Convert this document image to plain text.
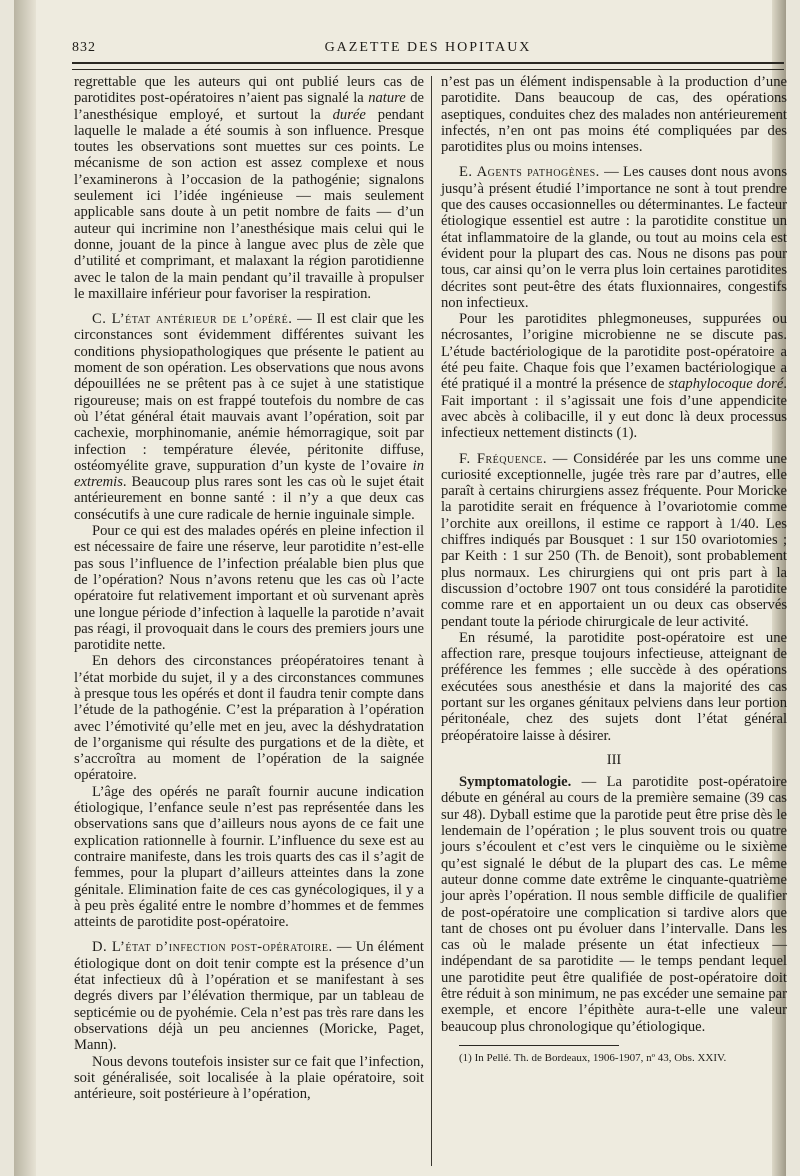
832	GAZETTE DES HOPITAUX

regrettable que les auteurs qui ont publié leurs cas de parotidites post-opératoires n’aient pas signalé la nature de l’anesthésique employé, et surtout la durée pendant laquelle le malade a été soumis à son influence. Presque toutes les observations sont muettes sur ces points. Le mécanisme de son action est assez complexe et nous l’examinerons à l’occasion de la pathogénie; signalons seulement ici l’idée ingénieuse — mais seulement applicable sans doute à un petit nombre de faits — d’un auteur qui incrimine non l’anesthésique mais celui qui le donne, jouant de la pince à langue avec plus de zèle que d’utilité et comprimant, et malaxant la région parotidienne avec le talon de la main pendant qu’il travaille à propulser le maxillaire inférieur pour favoriser la respiration.

C. L’état antérieur de l’opéré. — Il est clair que les circonstances sont évidemment différentes suivant les conditions physiopathologiques que présente le patient au moment de son opération. Les observations que nous avons dépouillées ne se prêtent pas à ce sujet à une statistique rigoureuse; mais on est frappé toutefois du nombre de cas où l’état général était mauvais avant l’opération, soit par cachexie, morphinomanie, anémie hémorragique, soit par infection : température élevée, péritonite diffuse, ostéomyélite grave, suppuration d’un kyste de l’ovaire in extremis. Beaucoup plus rares sont les cas où le sujet était antérieurement en bonne santé : il n’y a que deux cas consécutifs à une cure radicale de hernie inguinale simple.

Pour ce qui est des malades opérés en pleine infection il est nécessaire de faire une réserve, leur parotidite n’est-elle pas sous l’influence de l’infection préalable bien plus que de l’opération? Nous n’avons retenu que les cas où l’acte opératoire fut relativement important et où survenant après une longue période d’infection à laquelle la parotide n’avait pas réagi, il provoquait dans le cours des premiers jours une parotidite nette.

En dehors des circonstances préopératoires tenant à l’état morbide du sujet, il y a des circonstances communes à presque tous les opérés et dont il faudra tenir compte dans l’étude de la pathogénie. C’est la préparation à l’opération avec l’émotivité qu’elle met en jeu, avec la déshydratation de l’organisme qui résulte des purgations et de la diète, et s’accroîtra au moment de l’opération de la saignée opératoire.

L’âge des opérés ne paraît fournir aucune indication étiologique, l’enfance seule n’est pas représentée dans les observations sans que d’ailleurs nous ayons de ce fait une explication rationnelle à fournir. L’influence du sexe est au contraire manifeste, dans les trois quarts des cas il s’agit de femmes, pour la plupart d’ailleurs atteintes dans la zone génitale. Elimination faite de ces cas gynécologiques, il y a à peu près égalité entre le nombre d’hommes et de femmes atteints de parotidite post-opératoire.

D. L’état d’infection post-opératoire. — Un élément étiologique dont on doit tenir compte est la présence d’un état infectieux dû à l’opération et se manifestant à ses degrés divers par l’élévation thermique, par un tableau de septicémie ou de pyohémie. Cela n’est pas très rare dans les observations déjà un peu anciennes (Moricke, Paget, Mann).

Nous devons toutefois insister sur ce fait que l’infection, soit généralisée, soit localisée à la plaie opératoire, soit antérieure, soit postérieure à l’opération,

n’est pas un élément indispensable à la production d’une parotidite. Dans beaucoup de cas, des opérations aseptiques, conduites chez des malades non antérieurement infectés, n’en ont pas moins été compliquées par des parotidites plus ou moins intenses.

E. Agents pathogènes. — Les causes dont nous avons jusqu’à présent étudié l’importance ne sont à tout prendre que des causes occasionnelles ou déterminantes. Le facteur étiologique essentiel est autre : la parotidite constitue un état inflammatoire de la glande, ou tout au moins cela est évident pour la plupart des cas. Nous ne disons pas pour tous, car ainsi qu’on le verra plus loin certaines parotidites décrites sont peut-être des états fluxionnaires, congestifs non infectieux.

Pour les parotidites phlegmoneuses, suppurées ou nécrosantes, l’origine microbienne ne se discute pas. L’étude bactériologique de la parotidite post-opératoire a été peu faite. Chaque fois que l’examen bactériologique a été pratiqué il a montré la présence de staphylocoque doré. Fait important : il s’agissait une fois d’une appendicite avec abcès à colibacille, il y eut donc là deux processus infectieux nettement distincts (1).

F. Fréquence. — Considérée par les uns comme une curiosité exceptionnelle, jugée très rare par d’autres, elle paraît à certains chirurgiens assez fréquente. Pour Moricke la parotidite serait en fréquence à l’ovariotomie comme l’orchite aux oreillons, il estime ce rapport à 1/40. Les chiffres indiqués par Bousquet : 1 sur 150 ovariotomies ; par Keith : 1 sur 250 (Th. de Benoit), sont probablement plus normaux. Les chirurgiens qui ont pris part à la discussion d’octobre 1907 ont tous considéré la parotidite comme rare et en apportaient un ou deux cas observés pendant toute la période chirurgicale de leur activité.

En résumé, la parotidite post-opératoire est une affection rare, presque toujours infectieuse, atteignant de préférence les femmes ; elle succède à des opérations exécutées sous anesthésie et dans la majorité des cas portant sur les organes génitaux pelviens dans leur portion péritonéale, chez des sujets dont l’état général préopératoire laisse à désirer.

III

Symptomatologie. — La parotidite post-opératoire débute en général au cours de la première semaine (39 cas sur 48). Dyball estime que la parotide peut être prise dès le lendemain de l’opération ; le plus souvent trois ou quatre jours s’écoulent et c’est vers le cinquième ou le sixième qu’est signalé le début de la plupart des cas. Le même auteur donne comme date extrême le cinquante-quatrième jour après l’opération. Il nous semble difficile de qualifier de post-opératoire une complication si tardive alors que tant de choses ont pu évoluer dans l’intervalle. Dans les cas où le malade présente un état infectieux — indépendant de sa parotidite — le temps pendant lequel une parotidite peut être qualifiée de post-opératoire doit être réduit à son minimum, ne pas excéder une semaine par exemple, et encore l’épithète aura-t-elle une valeur beaucoup plus chronologique qu’étiologique.

(1) In Pellé. Th. de Bordeaux, 1906-1907, nº 43, Obs. XXIV.
